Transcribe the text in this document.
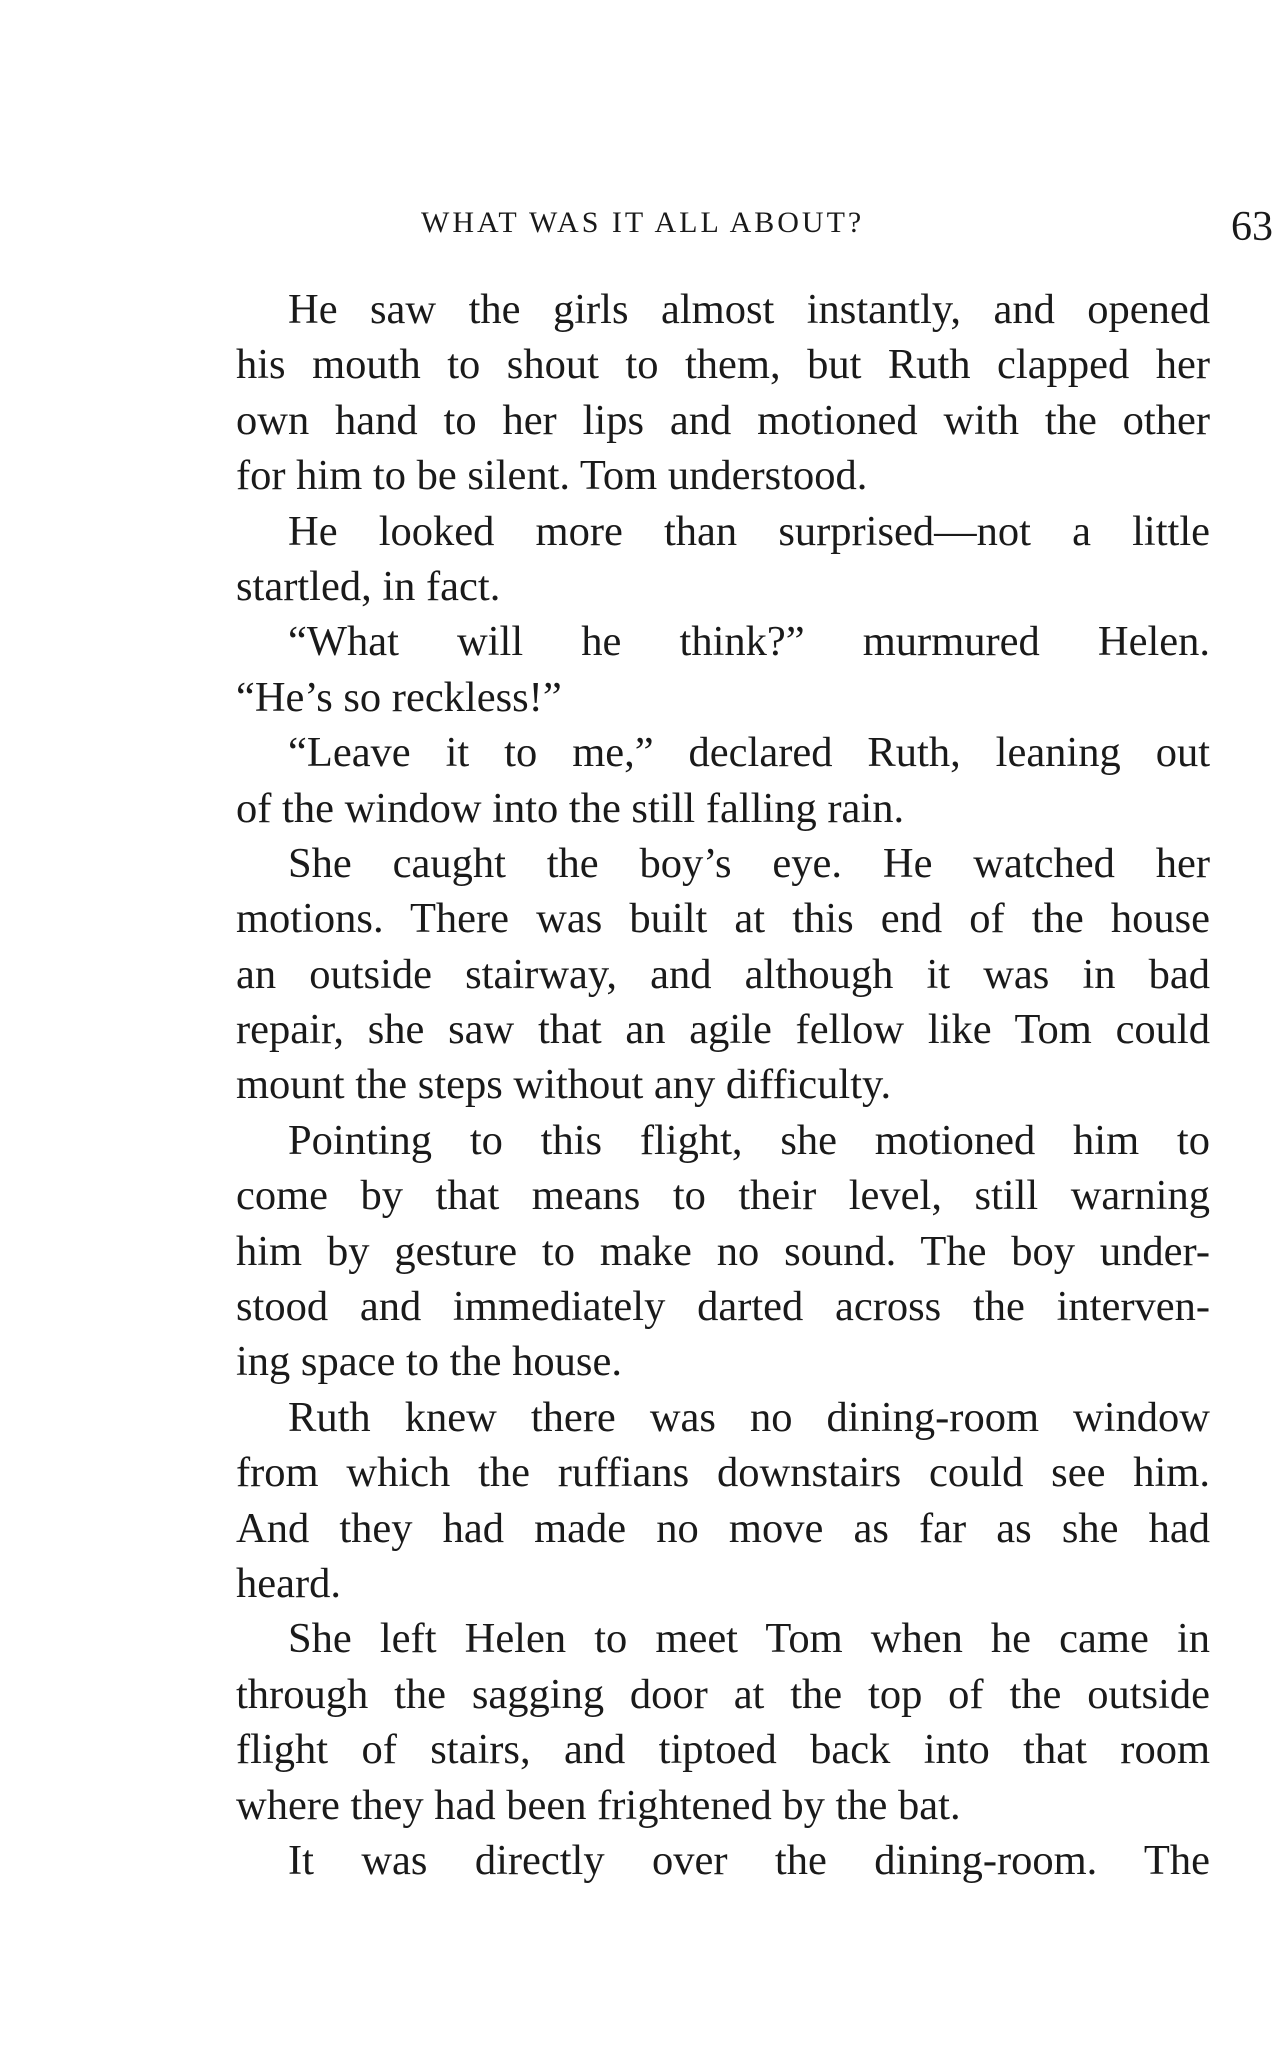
WHAT WAS IT ALL ABOUT?	63
He saw the girls almost instantly, and opened
his mouth to shout to them, but Ruth clapped her
own hand to her lips and motioned with the other
for him to be silent. Tom understood.
He looked more than surprised—not a little
startled, in fact.
“What will he think?” murmured Helen.
“He’s so reckless!”
“Leave it to me,” declared Ruth, leaning out
of the window into the still falling rain.
She caught the boy’s eye. He watched her
motions. There was built at this end of the house
an outside stairway, and although it was in bad
repair, she saw that an agile fellow like Tom could
mount the steps without any difficulty.
Pointing to this flight, she motioned him to
come by that means to their level, still warning
him by gesture to make no sound. The boy under-
stood and immediately darted across the interven-
ing space to the house.
Ruth knew there was no dining-room window
from which the ruffians downstairs could see him.
And they had made no move as far as she had
heard.
She left Helen to meet Tom when he came in
through the sagging door at the top of the outside
flight of stairs, and tiptoed back into that room
where they had been frightened by the bat.
It was directly over the dining-room. The
